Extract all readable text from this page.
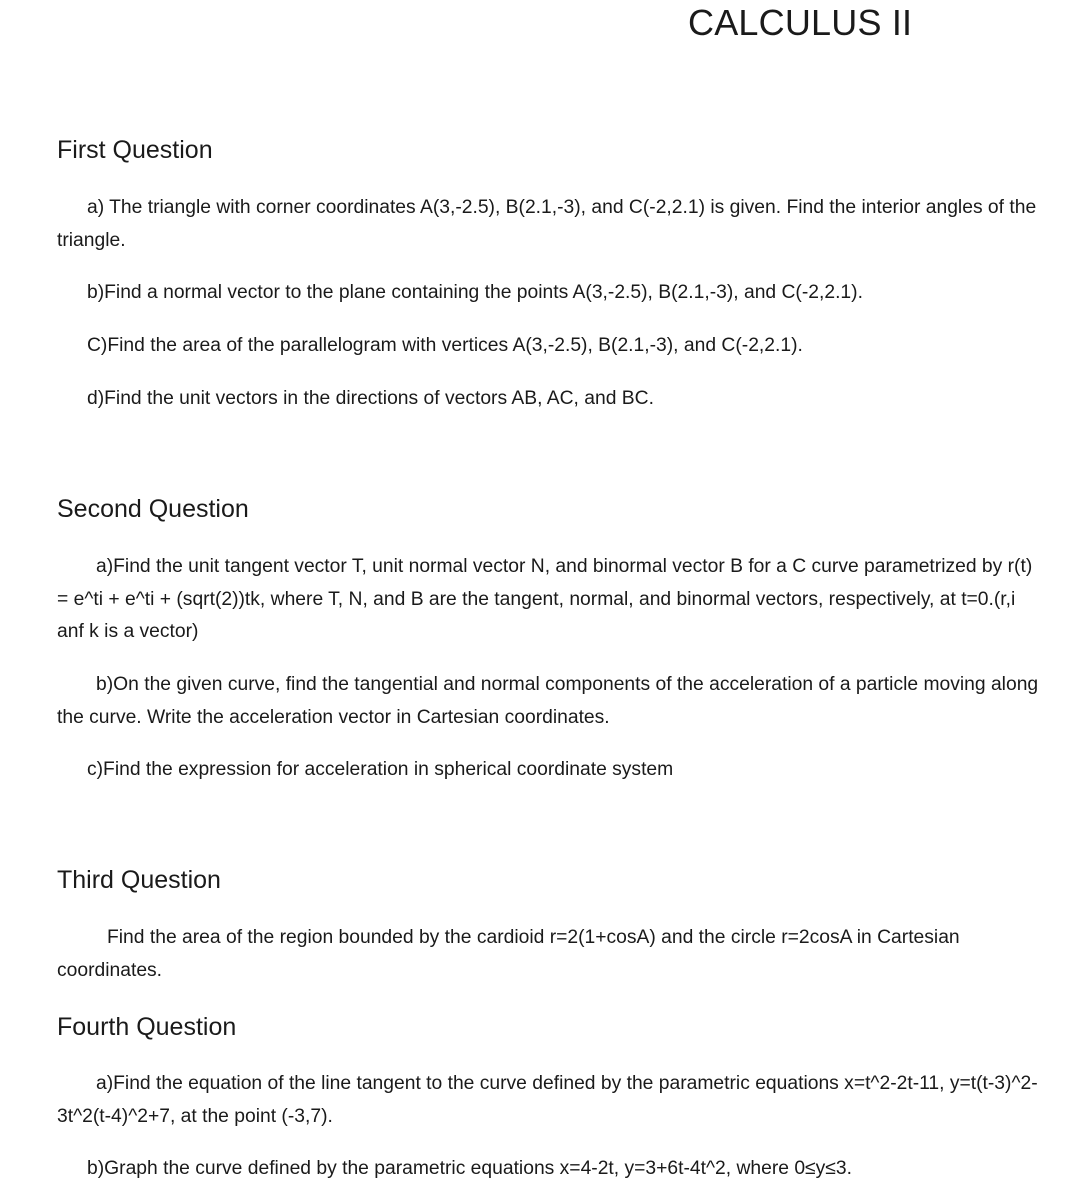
CALCULUS II
First Question
a) The triangle with corner coordinates A(3,-2.5), B(2.1,-3), and C(-2,2.1) is given. Find the interior angles of the triangle.
b)Find a normal vector to the plane containing the points A(3,-2.5), B(2.1,-3), and C(-2,2.1).
C)Find the area of the parallelogram with vertices A(3,-2.5), B(2.1,-3), and C(-2,2.1).
d)Find the unit vectors in the directions of vectors AB, AC, and BC.
Second Question
a)Find the unit tangent vector T, unit normal vector N, and binormal vector B for a C curve parametrized by r(t) = e^ti + e^ti + (sqrt(2))tk, where T, N, and B are the tangent, normal, and binormal vectors, respectively, at t=0.(r,i anf k is a vector)
b)On the given curve, find the tangential and normal components of the acceleration of a particle moving along the curve. Write the acceleration vector in Cartesian coordinates.
c)Find the expression for acceleration in spherical coordinate system
Third Question
Find the area of the region bounded by the cardioid r=2(1+cosA) and the circle r=2cosA in Cartesian coordinates.
Fourth Question
a)Find the equation of the line tangent to the curve defined by the parametric equations x=t^2-2t-11, y=t(t-3)^2-3t^2(t-4)^2+7, at the point (-3,7).
b)Graph the curve defined by the parametric equations x=4-2t, y=3+6t-4t^2, where 0≤y≤3.
